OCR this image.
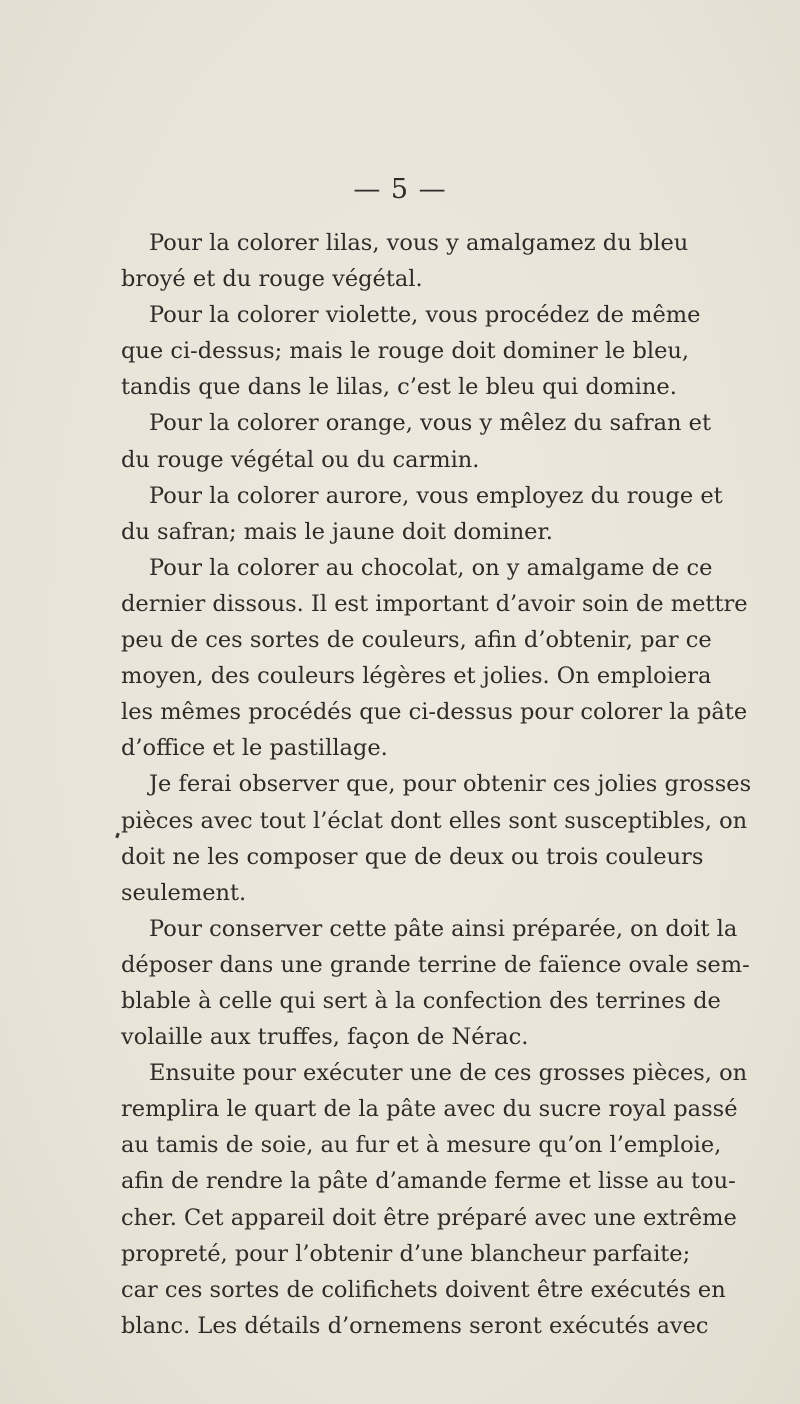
— 5 —
Pour la colorer lilas, vous y amalgamez du bleu
broyé et du rouge végétal.
Pour la colorer violette, vous procédez de même
que ci-dessus; mais le rouge doit dominer le bleu,
tandis que dans le lilas, c’est le bleu qui domine.
Pour la colorer orange, vous y mêlez du safran et
du rouge végétal ou du carmin.
Pour la colorer aurore, vous employez du rouge et
du safran; mais le jaune doit dominer.
Pour la colorer au chocolat, on y amalgame de ce
dernier dissous. Il est important d’avoir soin de mettre
peu de ces sortes de couleurs, afin d’obtenir, par ce
moyen, des couleurs légères et jolies. On emploiera
les mêmes procédés que ci-dessus pour colorer la pâte
d’office et le pastillage.
Je ferai observer que, pour obtenir ces jolies grosses
pièces avec tout l’éclat dont elles sont susceptibles, on
doit ne les composer que de deux ou trois couleurs
seulement.
Pour conserver cette pâte ainsi préparée, on doit la
déposer dans une grande terrine de faïence ovale sem-
blable à celle qui sert à la confection des terrines de
volaille aux truffes, façon de Nérac.
Ensuite pour exécuter une de ces grosses pièces, on
remplira le quart de la pâte avec du sucre royal passé
au tamis de soie, au fur et à mesure qu’on l’emploie,
afin de rendre la pâte d’amande ferme et lisse au tou-
cher. Cet appareil doit être préparé avec une extrême
propreté, pour l’obtenir d’une blancheur parfaite;
car ces sortes de colifichets doivent être exécutés en
blanc. Les détails d’ornemens seront exécutés avec
